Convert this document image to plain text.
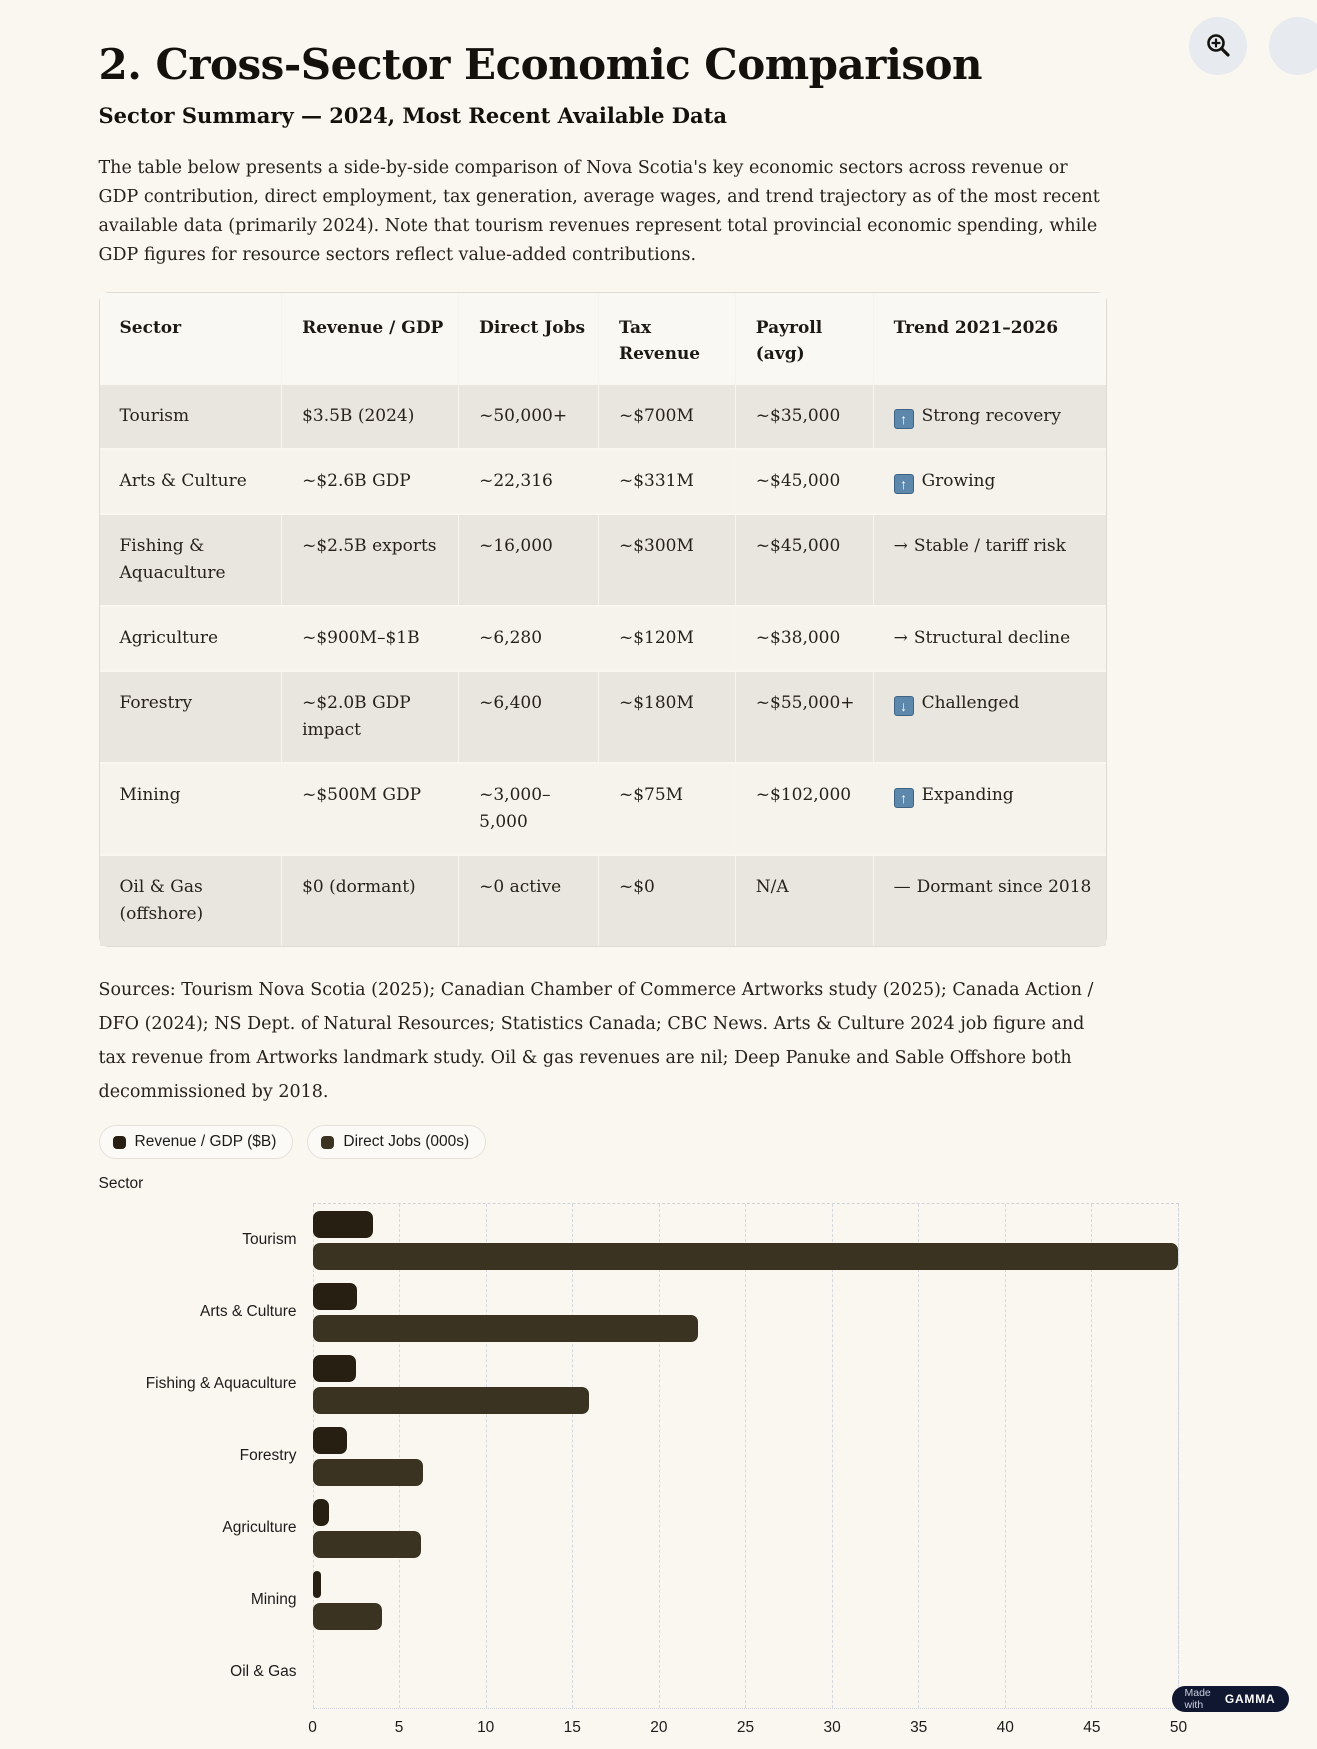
2. Cross-Sector Economic Comparison
Sector Summary — 2024, Most Recent Available Data

The table below presents a side-by-side comparison of Nova Scotia's key economic sectors across revenue or GDP contribution, direct employment, tax generation, average wages, and trend trajectory as of the most recent available data (primarily 2024). Note that tourism revenues represent total provincial economic spending, while GDP figures for resource sectors reflect value-added contributions.

Sector	Revenue / GDP	Direct Jobs	Tax Revenue	Payroll (avg)	Trend 2021–2026
Tourism	$3.5B (2024)	~50,000+	~$700M	~$35,000	↑ Strong recovery
Arts & Culture	~$2.6B GDP	~22,316	~$331M	~$45,000	↑ Growing
Fishing & Aquaculture	~$2.5B exports	~16,000	~$300M	~$45,000	→ Stable / tariff risk
Agriculture	~$900M–$1B	~6,280	~$120M	~$38,000	→ Structural decline
Forestry	~$2.0B GDP impact	~6,400	~$180M	~$55,000+	↓ Challenged
Mining	~$500M GDP	~3,000–5,000	~$75M	~$102,000	↑ Expanding
Oil & Gas (offshore)	$0 (dormant)	~0 active	~$0	N/A	— Dormant since 2018

Sources: Tourism Nova Scotia (2025); Canadian Chamber of Commerce Artworks study (2025); Canada Action / DFO (2024); NS Dept. of Natural Resources; Statistics Canada; CBC News. Arts & Culture 2024 job figure and tax revenue from Artworks landmark study. Oil & gas revenues are nil; Deep Panuke and Sable Offshore both decommissioned by 2018.

Revenue / GDP ($B)	Direct Jobs (000s)
Sector
Tourism
Arts & Culture
Fishing & Aquaculture
Forestry
Agriculture
Mining
Oil & Gas
0	5	10	15	20	25	30	35	40	45	50
Made with	GAMMA
